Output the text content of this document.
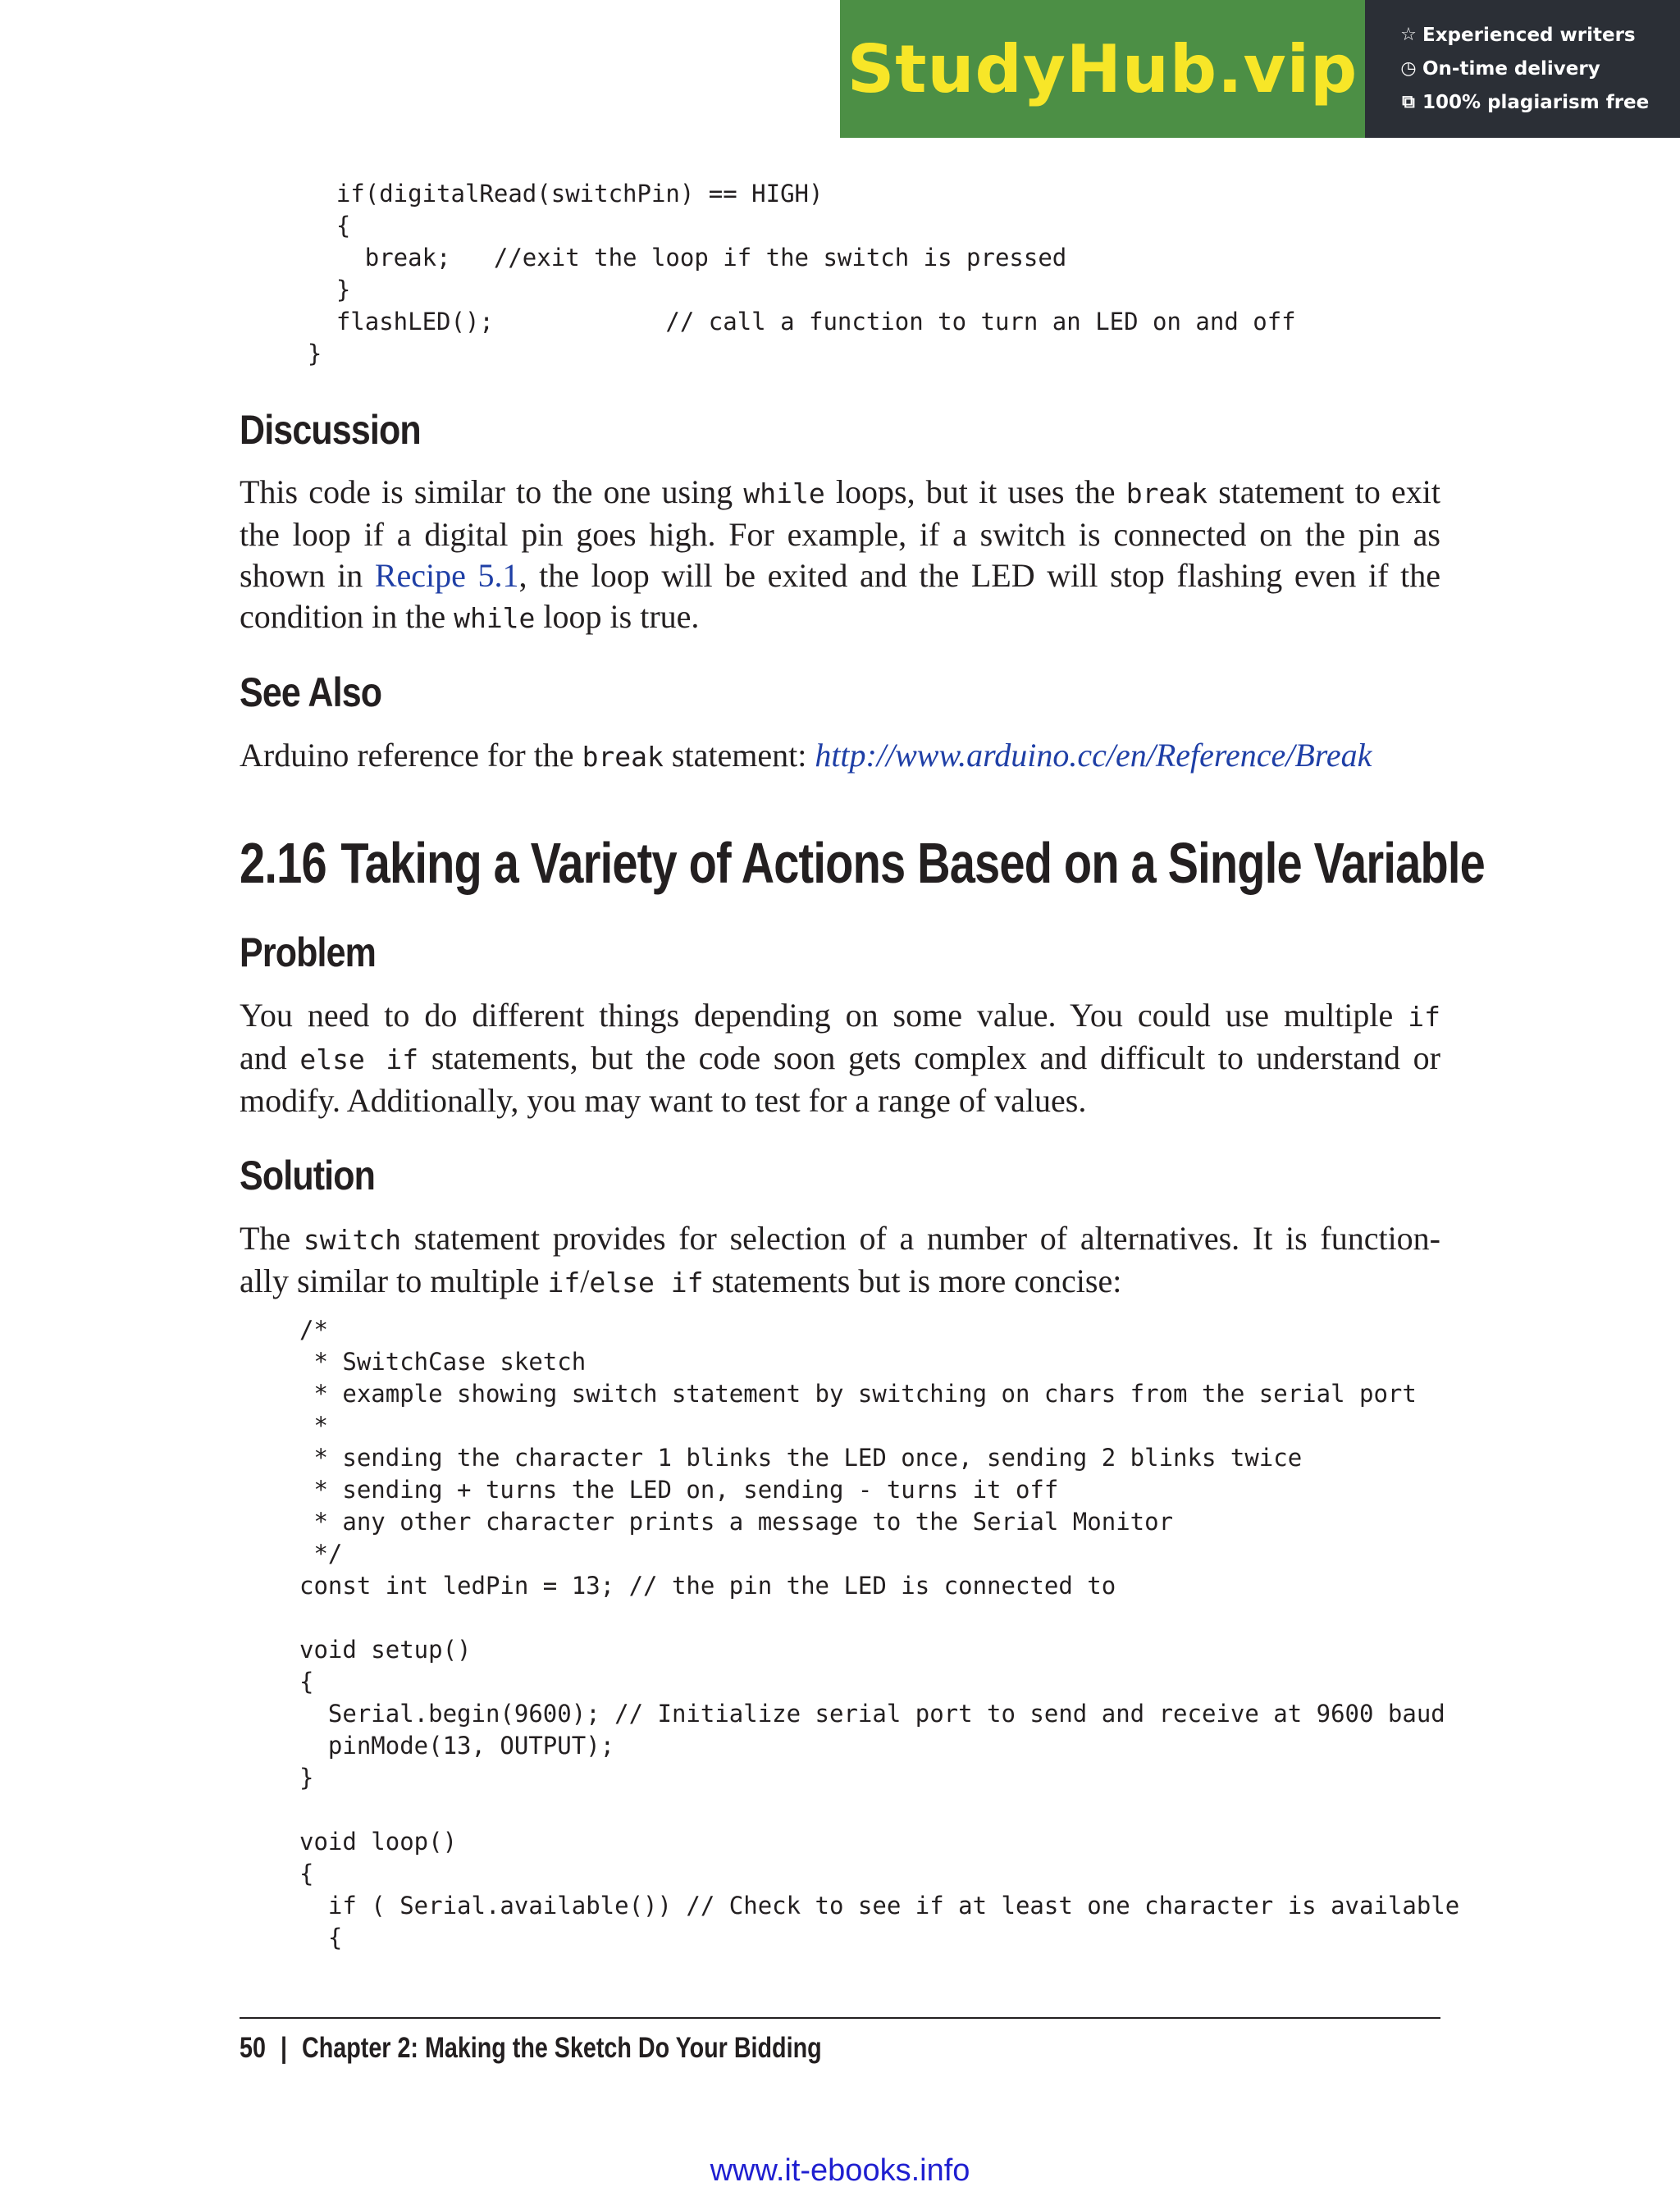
StudyHub.vip ☆ Experienced writers
◷ On-time delivery
⧉ 100% plagiarism free
if(digitalRead(switchPin) == HIGH)
{
break;   //exit the loop if the switch is pressed
}
flashLED();            // call a function to turn an LED on and off
}
Discussion
This code is similar to the one using while loops, but it uses the break statement to exit
the loop if a digital pin goes high. For example, if a switch is connected on the pin as
shown in Recipe 5.1, the loop will be exited and the LED will stop flashing even if the
condition in the while loop is true.
See Also
Arduino reference for the break statement: http://www.arduino.cc/en/Reference/Break
2.16 Taking a Variety of Actions Based on a Single Variable
Problem
You need to do different things depending on some value. You could use multiple if
and else if statements, but the code soon gets complex and difficult to understand or
modify. Additionally, you may want to test for a range of values.
Solution
The switch statement provides for selection of a number of alternatives. It is function-
ally similar to multiple if/else if statements but is more concise:
/*
* SwitchCase sketch
* example showing switch statement by switching on chars from the serial port
*
* sending the character 1 blinks the LED once, sending 2 blinks twice
* sending + turns the LED on, sending - turns it off
* any other character prints a message to the Serial Monitor
*/
const int ledPin = 13; // the pin the LED is connected to

void setup()
{
Serial.begin(9600); // Initialize serial port to send and receive at 9600 baud
pinMode(13, OUTPUT);
}

void loop()
{
if ( Serial.available()) // Check to see if at least one character is available
{
50 | Chapter 2: Making the Sketch Do Your Bidding
www.it-ebooks.info
